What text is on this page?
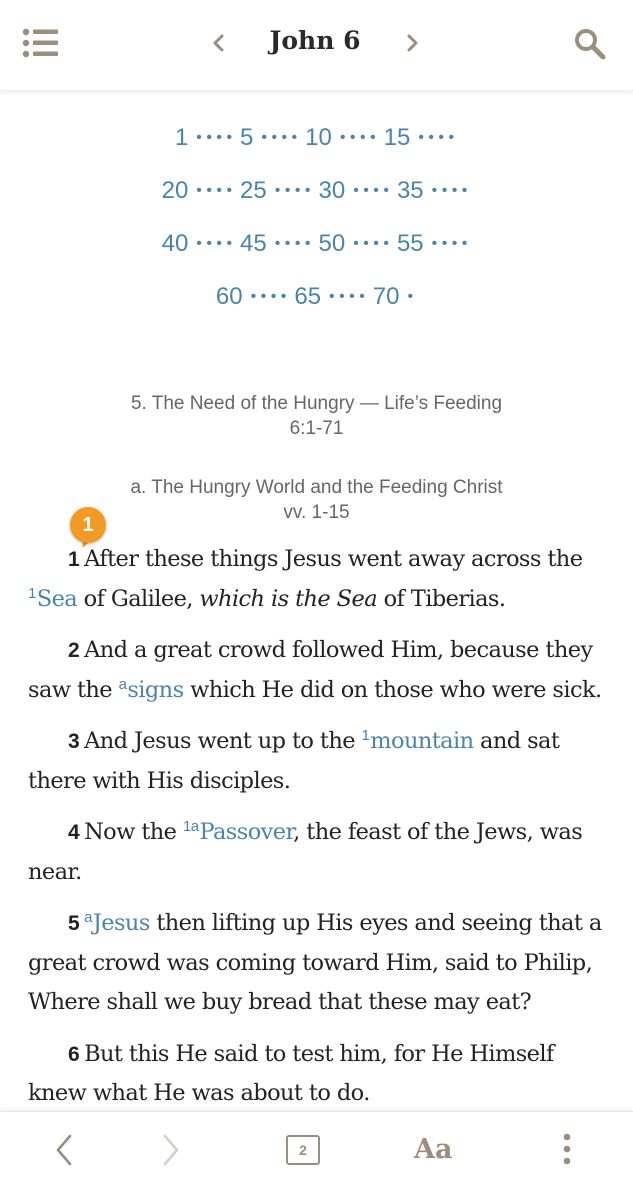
John 6
1 • • • • 5 • • • • 10 • • • • 15 • • • •
20 • • • • 25 • • • • 30 • • • • 35 • • • •
40 • • • • 45 • • • • 50 • • • • 55 • • • •
60 • • • • 65 • • • • 70 •
5. The Need of the Hungry — Life’s Feeding
6:1-71
a. The Hungry World and the Feeding Christ
vv. 1-15
1

1 After these things Jesus went away across the $^1$Sea of Galilee, which is the Sea of Tiberias.

2 And a great crowd followed Him, because they saw the $^a$signs which He did on those who were sick.

3 And Jesus went up to the $^1$mountain and sat there with His disciples.

4 Now the $^{1a}$Passover, the feast of the Jews, was near.

5 $^a$Jesus then lifting up His eyes and seeing that a great crowd was coming toward Him, said to Philip, Where shall we buy bread that these may eat?

6 But this He said to test him, for He Himself knew what He was about to do.

2	Aa
